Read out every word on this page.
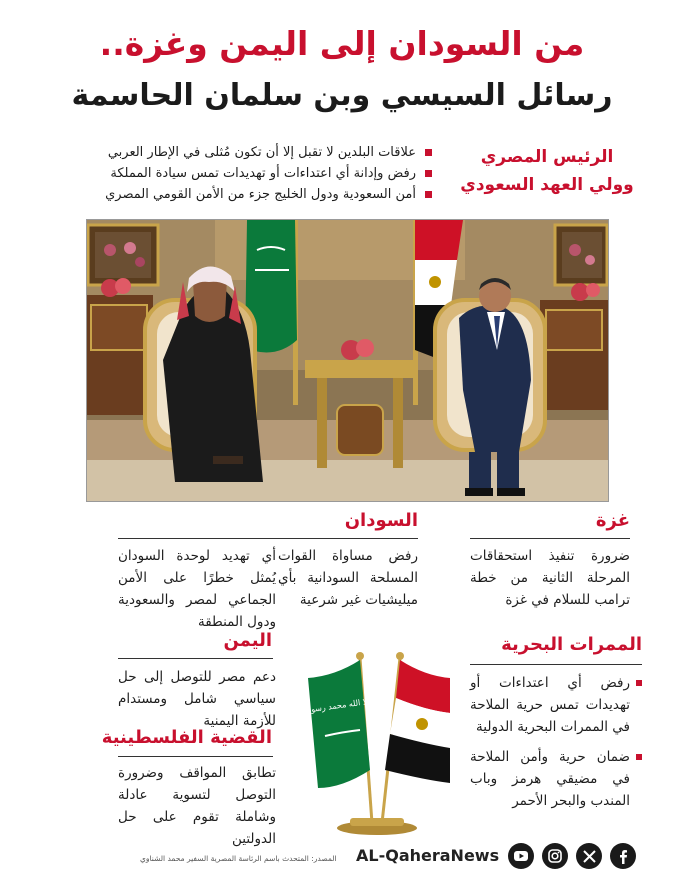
من السودان إلى اليمن وغزة..
رسائل السيسي وبن سلمان الحاسمة
الرئيس المصري
وولي العهد السعودي
علاقات البلدين لا تقبل إلا أن تكون مُثلى في الإطار العربي
رفض وإدانة أي اعتداءات أو تهديدات تمس سيادة المملكة
أمن السعودية ودول الخليج جزء من الأمن القومي المصري
غزة
ضرورة تنفيذ استحقاقات المرحلة الثانية من خطة ترامب للسلام في غزة
السودان
رفض مساواة القوات المسلحة السودانية بأي ميليشيات غير شرعية
أي تهديد لوحدة السودان يُمثل خطرًا على الأمن الجماعي لمصر والسعودية ودول المنطقة
اليمن
دعم مصر للتوصل إلى حل سياسي شامل ومستدام للأزمة اليمنية
الممرات البحرية
رفض أي اعتداءات أو تهديدات تمس حرية الملاحة في الممرات البحرية الدولية
ضمان حرية وأمن الملاحة في مضيقي هرمز وباب المندب والبحر الأحمر
القضية الفلسطينية
تطابق المواقف وضرورة التوصل لتسوية عادلة وشاملة تقوم على حل الدولتين
لا إله إلا الله محمد رسول الله
المصدر: المتحدث باسم الرئاسة المصرية السفير محمد الشناوي AL-QaheraNews
